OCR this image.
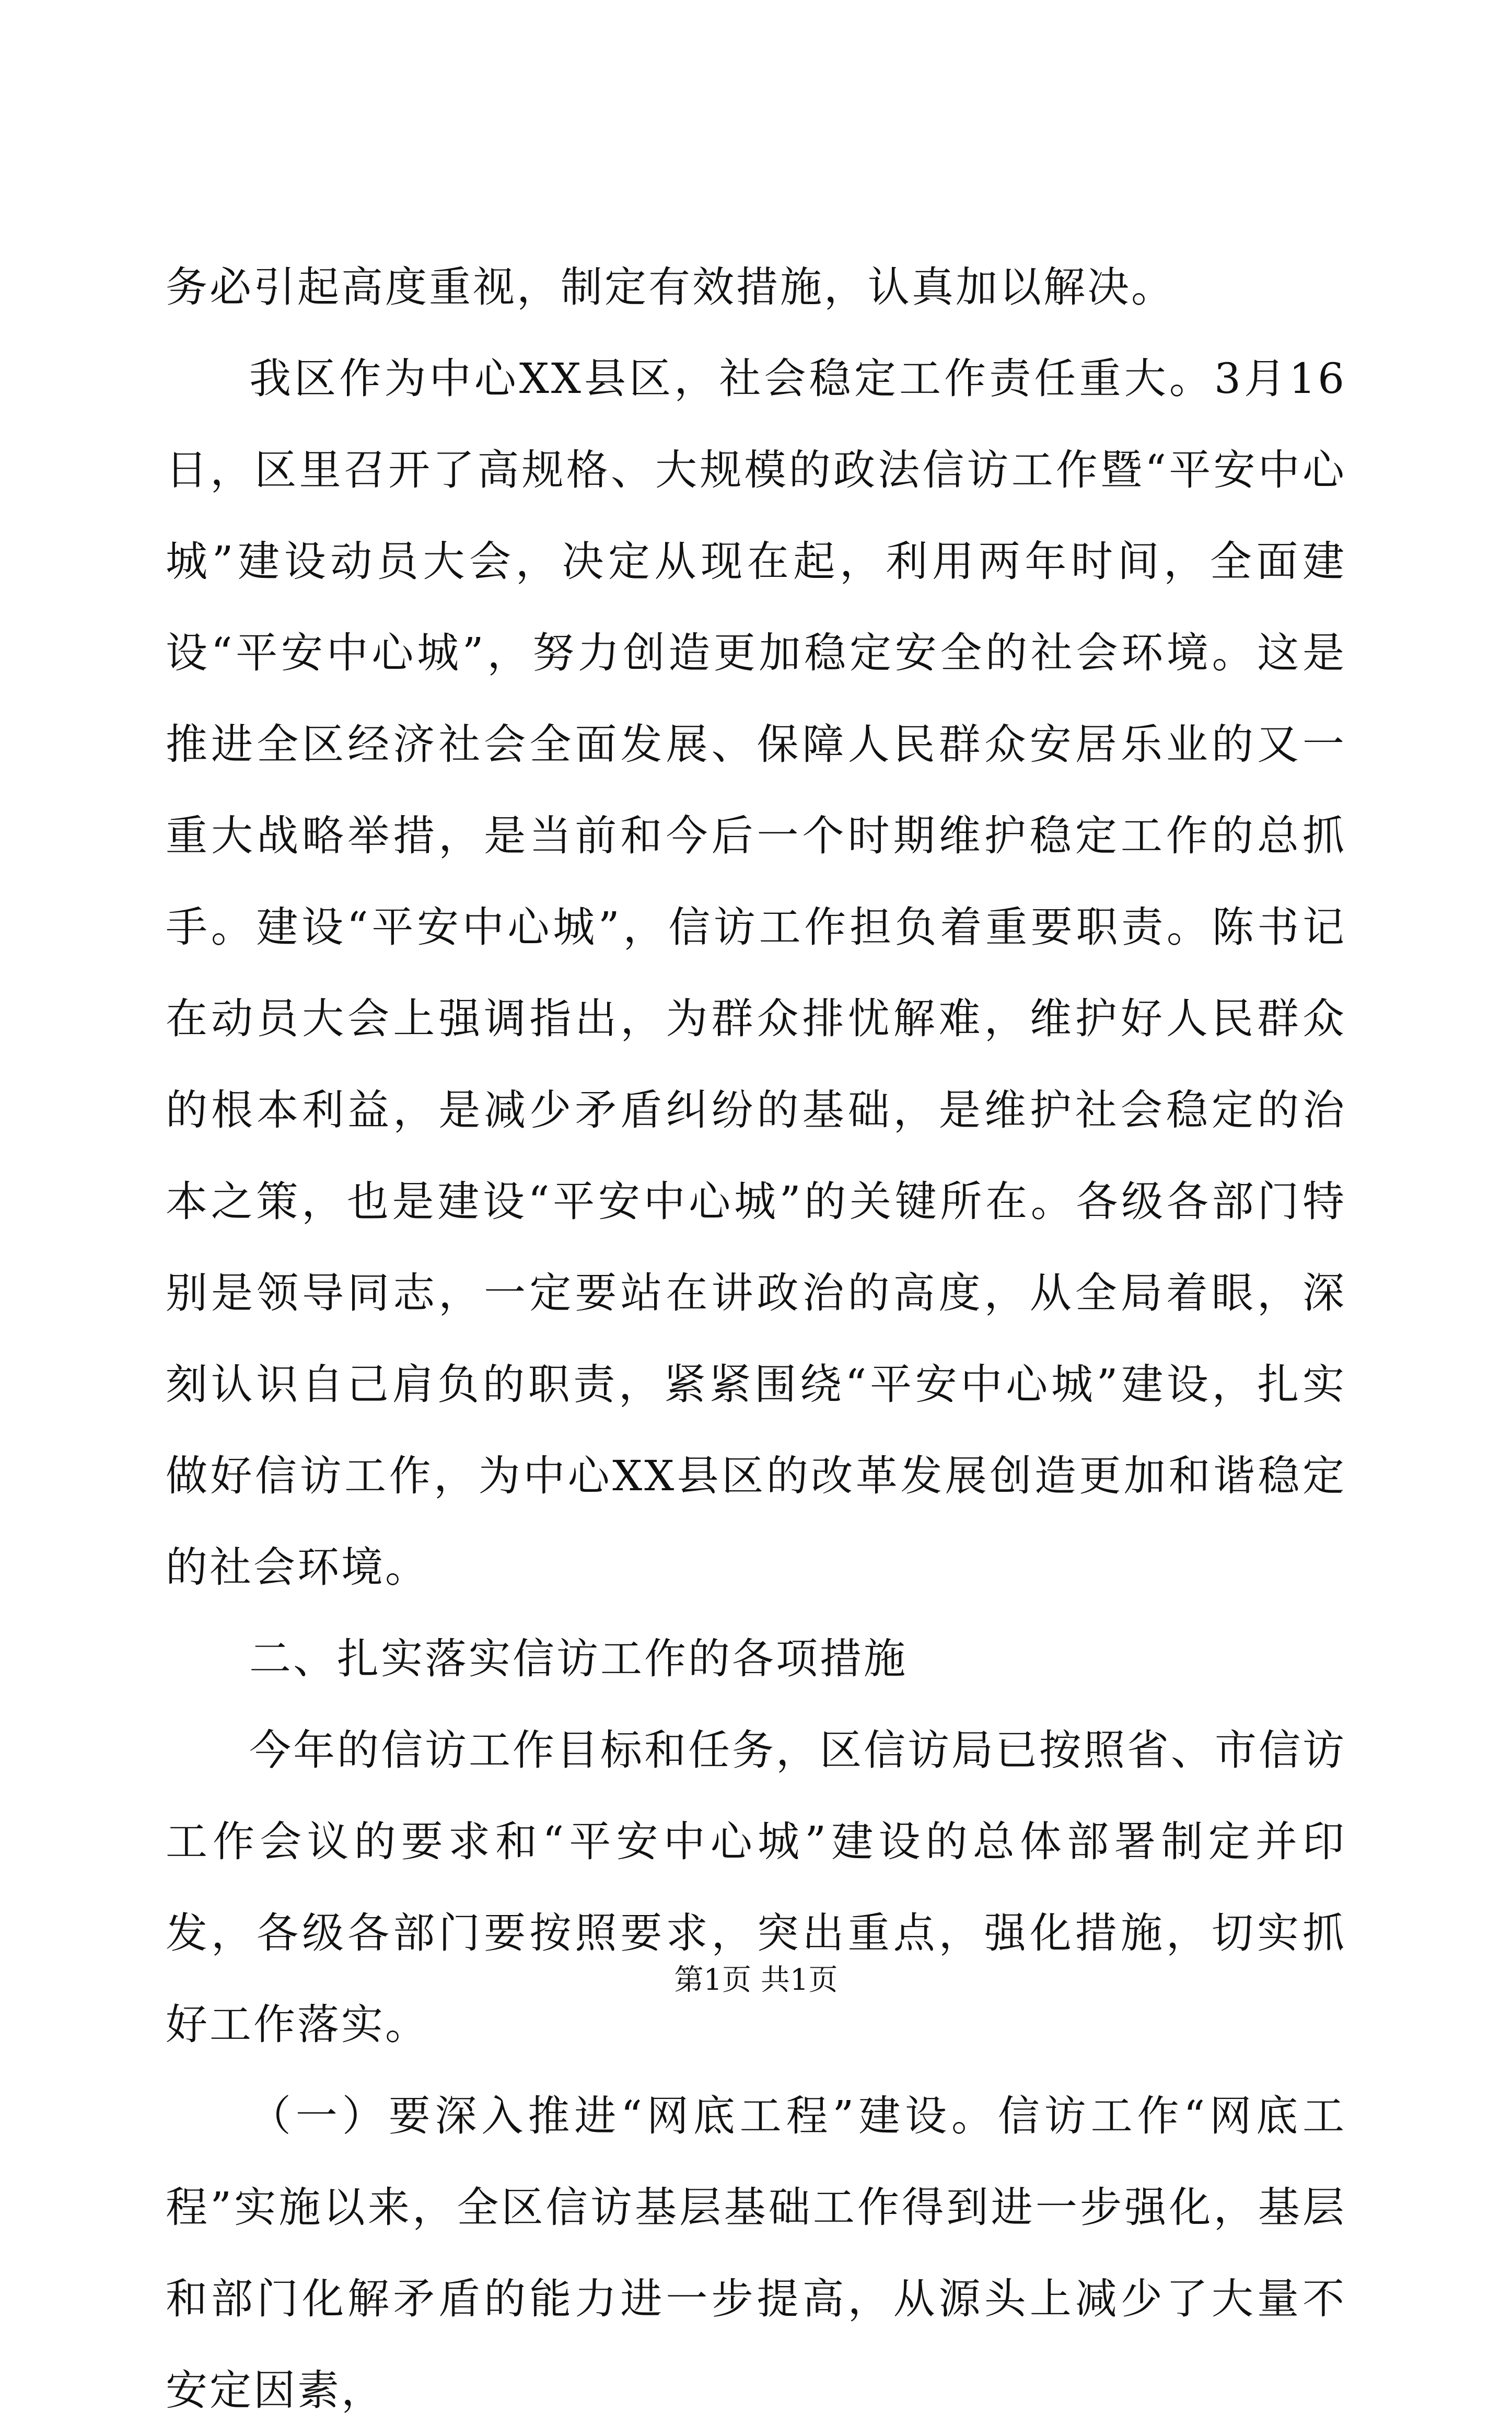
务必引起高度重视，制定有效措施，认真加以解决。

我区作为中心XX县区，社会稳定工作责任重大。3月16日，区里召开了高规格、大规模的政法信访工作暨“平安中心城”建设动员大会，决定从现在起，利用两年时间，全面建设“平安中心城”，努力创造更加稳定安全的社会环境。这是推进全区经济社会全面发展、保障人民群众安居乐业的又一重大战略举措，是当前和今后一个时期维护稳定工作的总抓手。建设“平安中心城”，信访工作担负着重要职责。陈书记在动员大会上强调指出，为群众排忧解难，维护好人民群众的根本利益，是减少矛盾纠纷的基础，是维护社会稳定的治本之策，也是建设“平安中心城”的关键所在。各级各部门特别是领导同志，一定要站在讲政治的高度，从全局着眼，深刻认识自己肩负的职责，紧紧围绕“平安中心城”建设，扎实做好信访工作，为中心XX县区的改革发展创造更加和谐稳定的社会环境。

二、扎实落实信访工作的各项措施

今年的信访工作目标和任务，区信访局已按照省、市信访工作会议的要求和“平安中心城”建设的总体部署制定并印发，各级各部门要按照要求，突出重点，强化措施，切实抓好工作落实。

（一）要深入推进“网底工程”建设。信访工作“网底工程”实施以来，全区信访基层基础工作得到进一步强化，基层和部门化解矛盾的能力进一步提高，从源头上减少了大量不安定因素，

第1页 共1页
